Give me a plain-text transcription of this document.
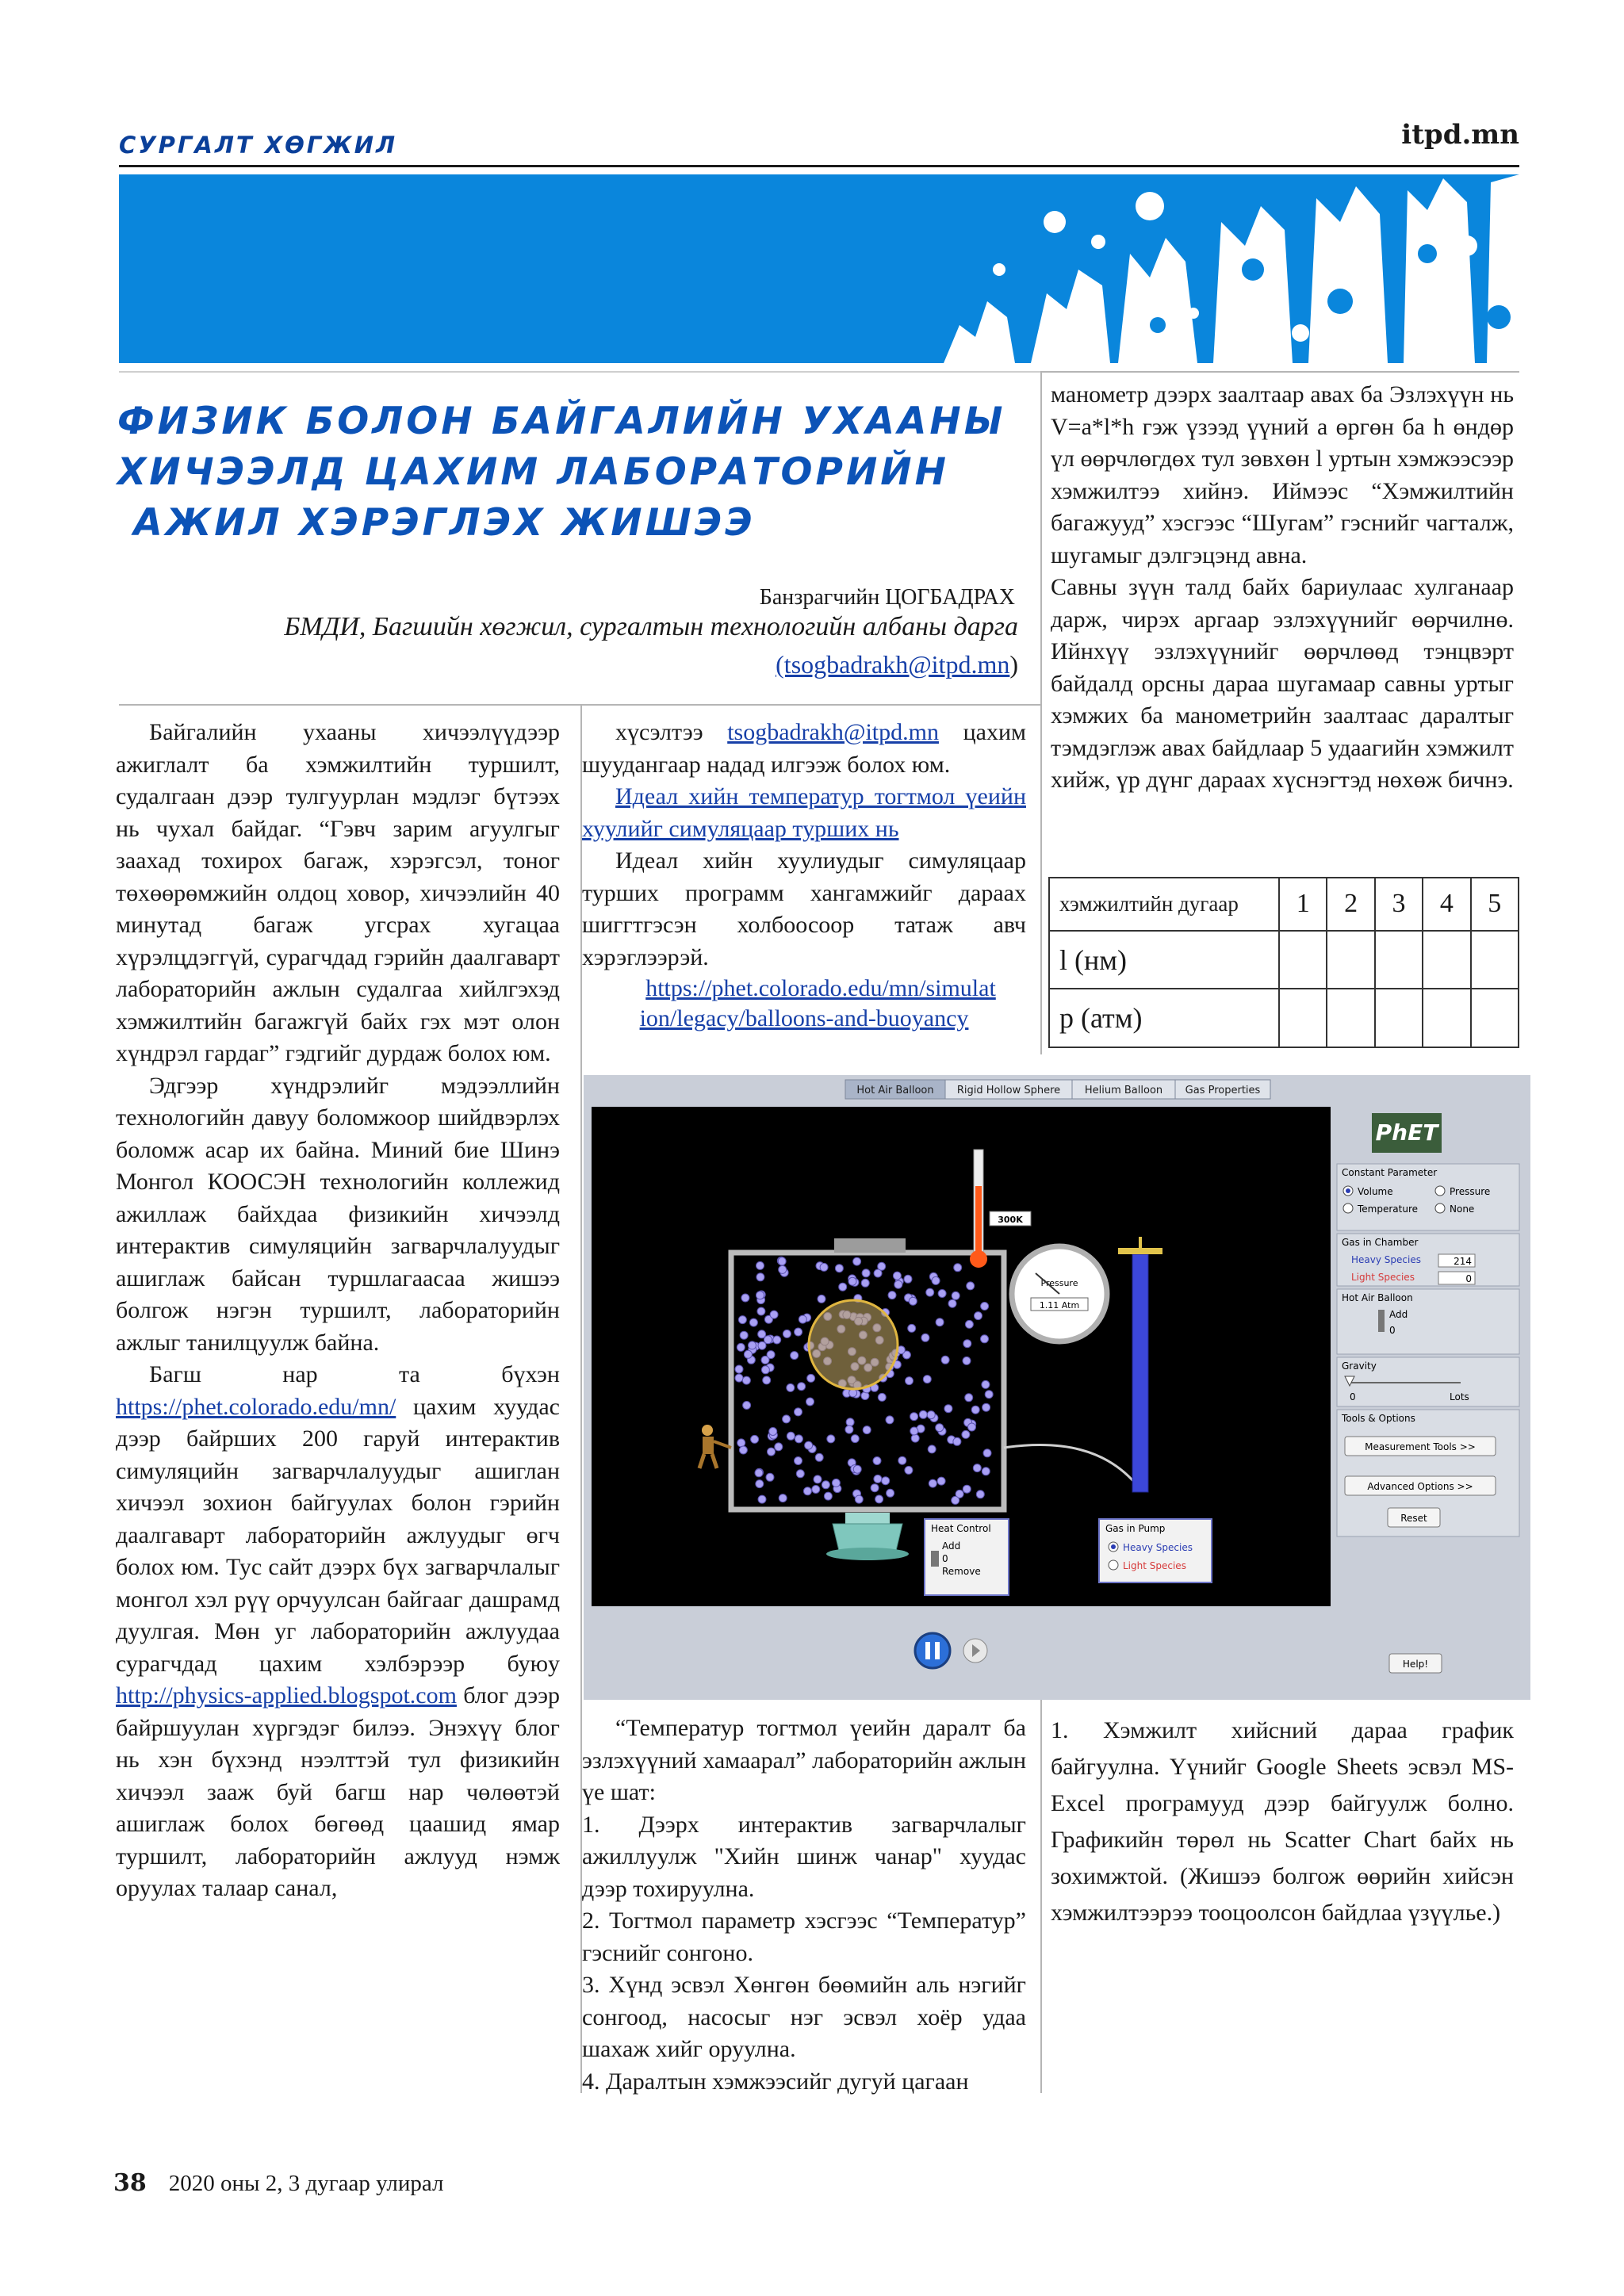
СУРГАЛТ ХӨГЖИЛ	itpd.mn
ФИЗИК БОЛОН БАЙГАЛИЙН УХААНЫ
ХИЧЭЭЛД ЦАХИМ ЛАБОРАТОРИЙН
АЖИЛ ХЭРЭГЛЭХ ЖИШЭЭ
Банзрагчийн ЦОГБАДРАХ
БМДИ, Багшийн хөгжил, сургалтын технологийн албаны дарга
(tsogbadrakh@itpd.mn)

Байгалийн ухааны хичээлүүдээр ажиглалт ба хэмжилтийн туршилт, судалгаан дээр тулгуурлан мэдлэг бүтээх нь чухал байдаг. “Гэвч зарим агуулгыг заахад тохирох багаж, хэрэгсэл, тоног төхөөрөмжийн олдоц ховор, хичээлийн 40 минутад багаж угсрах хугацаа хүрэлцдэггүй, сурагчдад гэрийн даалгаварт лабораторийн ажлын судалгаа хийлгэхэд хэмжилтийн багажгүй байх гэх мэт олон хүндрэл гардаг” гэдгийг дурдаж болох юм.

Эдгээр хүндрэлийг мэдээллийн технологийн давуу боломжоор шийдвэрлэх боломж асар их байна. Миний бие Шинэ Монгол КООСЭН технологийн коллежид ажиллаж байхдаа физикийн хичээлд интерактив симуляцийн загварчлалуудыг ашиглаж байсан туршлагаасаа жишээ болгож нэгэн туршилт, лабораторийн ажлыг танилцуулж байна.

Багш нар та бүхэн https://phet.colorado.edu/mn/ цахим хуудас дээр байрших 200 гаруй интерактив симуляцийн загварчлалуудыг ашиглан хичээл зохион байгуулах болон гэрийн даалгаварт лабораторийн ажлуудыг өгч болох юм. Тус сайт дээрх бүх загварчлалыг монгол хэл рүү орчуулсан байгааг дашрамд дуулгая. Мөн уг лабораторийн ажлуудаа сурагчдад цахим хэлбэрээр буюу http://physics-applied.blogspot.com блог дээр байршуулан хүргэдэг билээ. Энэхүү блог нь хэн бүхэнд нээлттэй тул физикийн хичээл зааж буй багш нар чөлөөтэй ашиглаж болох бөгөөд цаашид ямар туршилт, лабораторийн ажлууд нэмж оруулах талаар санал,

хүсэлтээ tsogbadrakh@itpd.mn цахим шуудангаар надад илгээж болох юм.

Идеал хийн температур тогтмол үеийн хуулийг симуляцаар турших нь

Идеал хийн хуулиудыг симуляцаар турших программ хангамжийг дараах шиггтгэсэн холбоосоор татаж авч хэрэглээрэй.

https://phet.colorado.edu/mn/simulat
ion/legacy/balloons-and-buoyancy

манометр дээрх заалтаар авах ба Эзлэхүүн нь V=a*l*h гэж үзээд үүний a өргөн ба h өндөр үл өөрчлөгдөх тул зөвхөн l уртын хэмжээсээр хэмжилтээ хийнэ. Иймээс “Хэмжилтийн багажууд” хэсгээс “Шугам” гэснийг чагталж, шугамыг дэлгэцэнд авна.

Савны зүүн талд байх бариулаас хулганаар дарж, чирэх аргаар эзлэхүүнийг өөрчилнө. Ийнхүү эзлэхүүнийг өөрчлөөд тэнцвэрт байдалд орсны дараа шугамаар савны уртыг хэмжих ба манометрийн заалтаас даралтыг тэмдэглэж авах байдлаар 5 удаагийн хэмжилт хийж, үр дүнг дараах хүснэгтэд нөхөж бичнэ.

хэмжилтийн дугаар	1	2	3	4	5
l (нм)					
p (атм)					
Hot Air Balloon Rigid Hollow Sphere Helium Balloon Gas Properties
300K
Pressure
1.11 Atm
Heat Control
Add
0
Remove
Gas in Pump
Heavy Species
Light Species
PhET
Constant Parameter
Volume	Pressure
Temperature	None
Gas in Chamber
Heavy Species	214
Light Species	0
Hot Air Balloon
Add
0
Gravity
0	Lots
Tools & Options
Measurement Tools >>
Advanced Options >>
Reset
Help!

“Температур тогтмол үеийн даралт ба эзлэхүүний хамаарал” лабораторийн ажлын үе шат:

1. Дээрх интерактив загварчлалыг ажиллуулж "Хийн шинж чанар" хуудас дээр тохируулна.

2. Тогтмол параметр хэсгээс “Температур” гэснийг сонгоно.

3. Хүнд эсвэл Хөнгөн бөөмийн аль нэгийг сонгоод, насосыг нэг эсвэл хоёр удаа шахаж хийг оруулна.

4. Даралтын хэмжээсийг дугуй цагаан

1. Хэмжилт хийсний дараа график байгуулна. Үүнийг Google Sheets эсвэл MS-Excel програмууд дээр байгуулж болно. Графикийн төрөл нь Scatter Chart байх нь зохимжтой. (Жишээ болгож өөрийн хийсэн хэмжилтээрээ тооцоолсон байдлаа үзүүлье.)

38 2020 оны 2, 3 дугаар улирал
